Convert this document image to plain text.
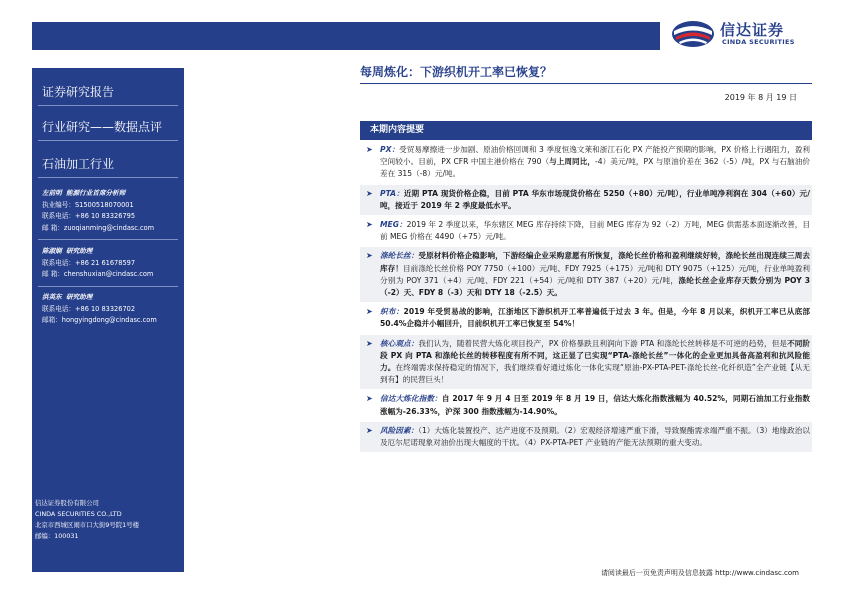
信达证券
CINDA SECURITIES
证券研究报告
行业研究——数据点评
石油加工行业
左前明 能源行业首席分析师
执业编号：S1500518070001
联系电话：+86 10 83326795
邮 箱：zuoqianming@cindasc.com
陈淑娴 研究助理
联系电话：+86 21 61678597
邮 箱：chenshuxian@cindasc.com
洪英东 研究助理
联系电话：+86 10 83326702
邮箱：hongyingdong@cindasc.com
信达证券股份有限公司
CINDA SECURITIES CO.,LTD
北京市西城区闹市口大街9号院1号楼
邮编：100031
每周炼化：下游织机开工率已恢复？
2019 年 8 月 19 日
本期内容提要
➤ PX：受贸易摩擦进一步加剧、原油价格回调和 3 季度恒逸文莱和浙江石化 PX 产能投产预期的影响，PX 价格上行遇阻力，盈利空间较小。目前，PX CFR 中国主港价格在 790（与上周同比，-4）美元/吨，PX 与原油价差在 362（-5）/吨，PX 与石脑油价差在 315（-8）元/吨。
➤ PTA：近期 PTA 现货价格企稳，目前 PTA 华东市场现货价格在 5250（+80）元/吨），行业单吨净利润在 304（+60）元/吨，接近于 2019 年 2 季度最低水平。
➤ MEG：2019 年 2 季度以来，华东辖区 MEG 库存持续下降，目前 MEG 库存为 92（-2）万吨，MEG 供需基本面逐渐改善，目前 MEG 价格在 4490（+75）元/吨。
➤ 涤纶长丝：受原材料价格企稳影响，下游经编企业采购意愿有所恢复，涤纶长丝价格和盈利继续好转，涤纶长丝出现连续三周去库存！目前涤纶长丝价格 POY 7750（+100）元/吨、FDY 7925（+175）元/吨和 DTY 9075（+125）元/吨，行业单吨盈利分别为 POY 371（+4）元/吨、FDY 221（+54）元/吨和 DTY 387（+20）元/吨，涤纶长丝企业库存天数分别为 POY 3（-2）天、FDY 8（-3）天和 DTY 18（-2.5）天。
➤ 织布：2019 年受贸易战的影响，江浙地区下游织机开工率普遍低于过去 3 年。但是，今年 8 月以来，织机开工率已从底部 50.4%企稳并小幅回升，目前织机开工率已恢复至 54%！
➤ 核心观点：我们认为，随着民营大炼化项目投产，PX 价格暴跌且利润向下游 PTA 和涤纶长丝转移是不可逆的趋势，但是不同阶段 PX 向 PTA 和涤纶长丝的转移程度有所不同，这正显了已实现“PTA-涤纶长丝”一体化的企业更加具备高盈利和抗风险能力。在终端需求保持稳定的情况下，我们继续看好通过炼化一体化实现“原油-PX-PTA-PET-涤纶长丝-化纤织造”全产业链【从无到有】的民营巨头！
➤ 信达大炼化指数：自 2017 年 9 月 4 日至 2019 年 8 月 19 日，信达大炼化指数涨幅为 40.52%，同期石油加工行业指数涨幅为-26.33%，沪深 300 指数涨幅为-14.90%。
➤ 风险因素：（1）大炼化装置投产、达产进度不及预期。（2）宏观经济增速严重下滑，导致聚酯需求端严重不振。（3）地缘政治以及厄尔尼诺现象对油价出现大幅度的干扰。（4）PX-PTA-PET 产业链的产能无法预期的重大变动。
请阅读最后一页免责声明及信息披露 http://www.cindasc.com
